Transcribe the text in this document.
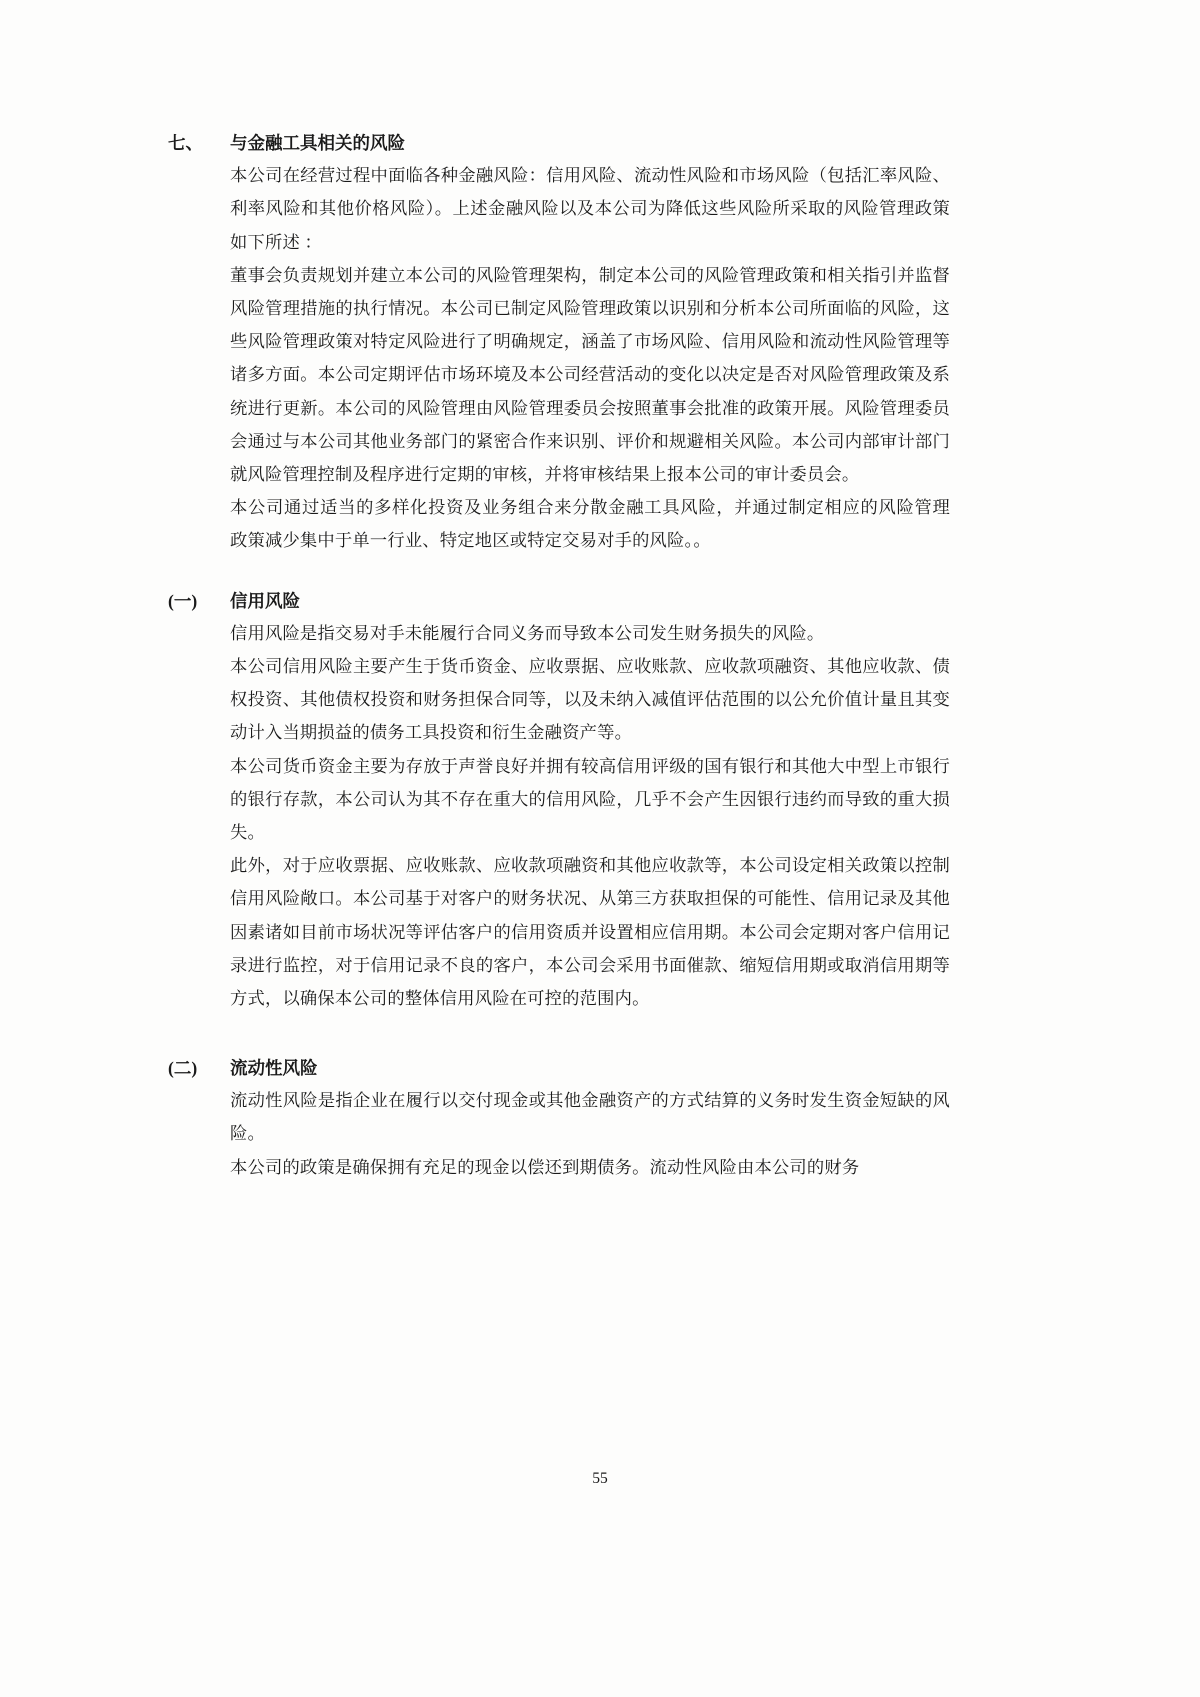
七、	与金融工具相关的风险

本公司在经营过程中面临各种金融风险：信用风险、流动性风险和市场风险（包括汇率风险、利率风险和其他价格风险）。上述金融风险以及本公司为降低这些风险所采取的风险管理政策如下所述 ：

董事会负责规划并建立本公司的风险管理架构，制定本公司的风险管理政策和相关指引并监督风险管理措施的执行情况。本公司已制定风险管理政策以识别和分析本公司所面临的风险，这些风险管理政策对特定风险进行了明确规定，涵盖了市场风险、信用风险和流动性风险管理等诸多方面。本公司定期评估市场环境及本公司经营活动的变化以决定是否对风险管理政策及系统进行更新。本公司的风险管理由风险管理委员会按照董事会批准的政策开展。风险管理委员会通过与本公司其他业务部门的紧密合作来识别、评价和规避相关风险。本公司内部审计部门就风险管理控制及程序进行定期的审核，并将审核结果上报本公司的审计委员会。

本公司通过适当的多样化投资及业务组合来分散金融工具风险，并通过制定相应的风险管理 政策减少集中于单一行业、特定地区或特定交易对手的风险。。

(一)	信用风险

信用风险是指交易对手未能履行合同义务而导致本公司发生财务损失的风险。

本公司信用风险主要产生于货币资金、应收票据、应收账款、应收款项融资、其他应收款、债权投资、其他债权投资和财务担保合同等，以及未纳入减值评估范围的以公允价值计量且其变动计入当期损益的债务工具投资和衍生金融资产等。

本公司货币资金主要为存放于声誉良好并拥有较高信用评级的国有银行和其他大中型上市银行的银行存款，本公司认为其不存在重大的信用风险，几乎不会产生因银行违约而导致的重大损失。

此外，对于应收票据、应收账款、应收款项融资和其他应收款等，本公司设定相关政策以控制信用风险敞口。本公司基于对客户的财务状况、从第三方获取担保的可能性、信用记录及其他因素诸如目前市场状况等评估客户的信用资质并设置相应信用期。本公司会定期对客户信用记录进行监控，对于信用记录不良的客户，本公司会采用书面催款、缩短信用期或取消信用期等方式，以确保本公司的整体信用风险在可控的范围内。

(二)	流动性风险

流动性风险是指企业在履行以交付现金或其他金融资产的方式结算的义务时发生资金短缺的风险。

本公司的政策是确保拥有充足的现金以偿还到期债务。流动性风险由本公司的财务

55
